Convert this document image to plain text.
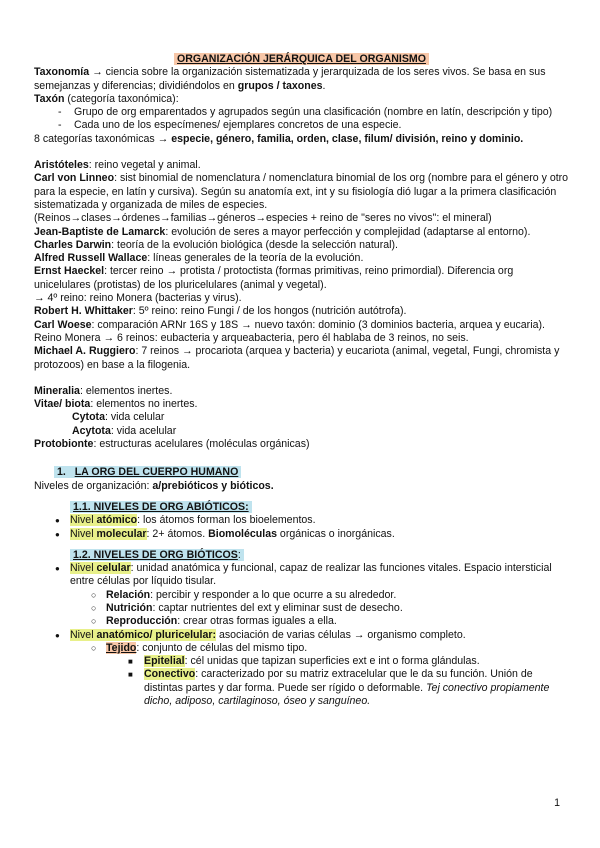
ORGANIZACIÓN JERÁRQUICA DEL ORGANISMO

Taxonomía → ciencia sobre la organización sistematizada y jerarquizada de los seres vivos. Se basa en sus semejanzas y diferencias; dividiéndolos en grupos / taxones.

Taxón (categoría taxonómica):

- Grupo de org emparentados y agrupados según una clasificación (nombre en latín, descripción y tipo)
- Cada uno de los especímenes/ ejemplares concretos de una especie.

8 categorías taxonómicas → especie, género, familia, orden, clase, filum/ división, reino y dominio.

Aristóteles: reino vegetal y animal.

Carl von Linneo: sist binomial de nomenclatura / nomenclatura binomial de los org (nombre para el género y otro para la especie, en latín y cursiva). Según su anatomía ext, int y su fisiología dió lugar a la primera clasificación sistematizada y organizada de miles de especies.

(Reinos→clases→órdenes→familias→géneros→especies + reino de "seres no vivos": el mineral)

Jean-Baptiste de Lamarck: evolución de seres a mayor perfección y complejidad (adaptarse al entorno).

Charles Darwin: teoría de la evolución biológica (desde la selección natural).

Alfred Russell Wallace: líneas generales de la teoría de la evolución.

Ernst Haeckel: tercer reino → protista / protoctista (formas primitivas, reino primordial). Diferencia org unicelulares (protistas) de los pluricelulares (animal y vegetal).

→ 4º reino: reino Monera (bacterias y virus).

Robert H. Whittaker: 5º reino: reino Fungi / de los hongos (nutrición autótrofa).

Carl Woese: comparación ARNr 16S y 18S → nuevo taxón: dominio (3 dominios bacteria, arquea y eucaria). Reino Monera → 6 reinos: eubacteria y arqueabacteria, pero él hablaba de 3 reinos, no seis.

Michael A. Ruggiero: 7 reinos → procariota (arquea y bacteria) y eucariota (animal, vegetal, Fungi, chromista y protozoos) en base a la filogenia.

Mineralia: elementos inertes.

Vitae/ biota: elementos no inertes.

Cytota: vida celular

Acytota: vida acelular

Protobionte: estructuras acelulares (moléculas orgánicas)

1. LA ORG DEL CUERPO HUMANO

Niveles de organización: a/prebióticos y bióticos.

1.1. NIVELES DE ORG ABIÓTICOS:

● Nivel atómico: los átomos forman los bioelementos.
● Nivel molecular: 2+ átomos. Biomoléculas orgánicas o inorgánicas.

1.2. NIVELES DE ORG BIÓTICOS:

● Nivel celular: unidad anatómica y funcional, capaz de realizar las funciones vitales. Espacio intersticial entre células por líquido tisular.
○ Relación: percibir y responder a lo que ocurre a su alrededor.
○ Nutrición: captar nutrientes del ext y eliminar sust de desecho.
○ Reproducción: crear otras formas iguales a ella.
● Nivel anatómico/ pluricelular: asociación de varias células → organismo completo.
○ Tejido: conjunto de células del mismo tipo.
■ Epitelial: cél unidas que tapizan superficies ext e int o forma glándulas.
■ Conectivo: caracterizado por su matriz extracelular que le da su función. Unión de distintas partes y dar forma. Puede ser rígido o deformable. Tej conectivo propiamente dicho, adiposo, cartilaginoso, óseo y sanguíneo.
1
